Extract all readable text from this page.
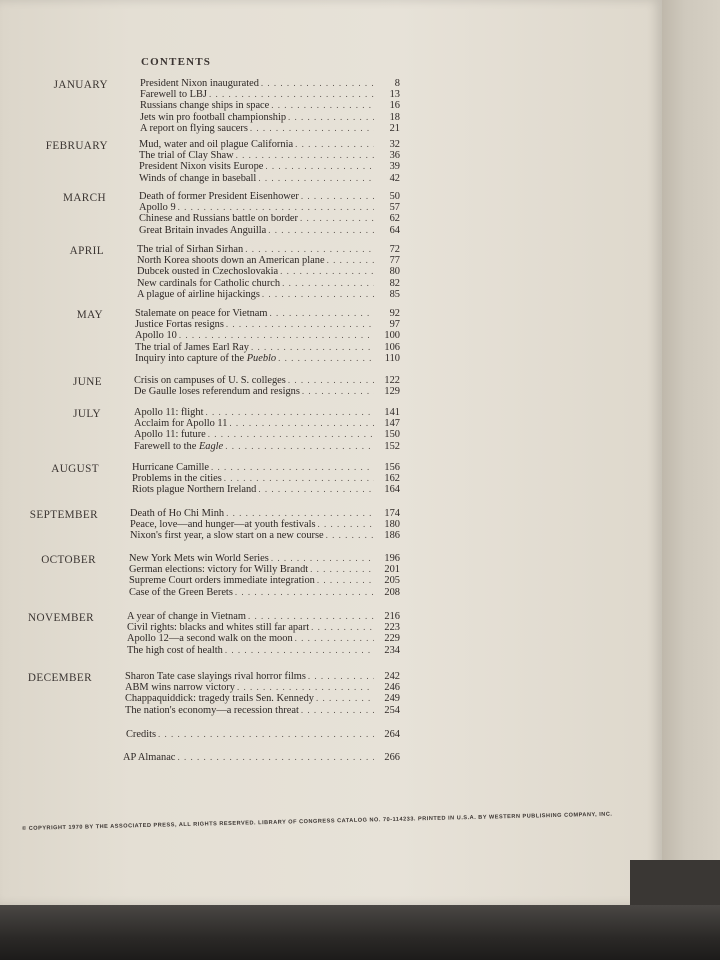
CONTENTS
JANUARY	President Nixon inaugurated . . .	8
Farewell to LBJ . . .	13
Russians change ships in space . . .	16
Jets win pro football championship . . .	18
A report on flying saucers . . .	21
FEBRUARY	Mud, water and oil plague California . . .	32
The trial of Clay Shaw . . .	36
President Nixon visits Europe . . .	39
Winds of change in baseball . . .	42
MARCH	Death of former President Eisenhower . . .	50
Apollo 9 . . .	57
Chinese and Russians battle on border . . .	62
Great Britain invades Anguilla . . .	64
APRIL	The trial of Sirhan Sirhan . . .	72
North Korea shoots down an American plane . . .	77
Dubcek ousted in Czechoslovakia . . .	80
New cardinals for Catholic church . . .	82
A plague of airline hijackings . . .	85
MAY	Stalemate on peace for Vietnam . . .	92
Justice Fortas resigns . . .	97
Apollo 10 . . .	100
The trial of James Earl Ray . . .	106
Inquiry into capture of the Pueblo . . .	110
JUNE	Crisis on campuses of U. S. colleges . . .	122
De Gaulle loses referendum and resigns . . .	129
JULY	Apollo 11: flight . . .	141
Acclaim for Apollo 11 . . .	147
Apollo 11: future . . .	150
Farewell to the Eagle . . .	152
AUGUST	Hurricane Camille . . .	156
Problems in the cities . . .	162
Riots plague Northern Ireland . . .	164
SEPTEMBER	Death of Ho Chi Minh . . .	174
Peace, love—and hunger—at youth festivals . . .	180
Nixon's first year, a slow start on a new course . . .	186
OCTOBER	New York Mets win World Series . . .	196
German elections: victory for Willy Brandt . . .	201
Supreme Court orders immediate integration . . .	205
Case of the Green Berets . . .	208
NOVEMBER	A year of change in Vietnam . . .	216
Civil rights: blacks and whites still far apart . . .	223
Apollo 12—a second walk on the moon . . .	229
The high cost of health . . .	234
DECEMBER	Sharon Tate case slayings rival horror films . . .	242
ABM wins narrow victory . . .	246
Chappaquiddick: tragedy trails Sen. Kennedy . . .	249
The nation's economy—a recession threat . . .	254
Credits . . .	264
AP Almanac . . .	266
© COPYRIGHT 1970 BY THE ASSOCIATED PRESS, ALL RIGHTS RESERVED. LIBRARY OF CONGRESS CATALOG NO. 70-114233. PRINTED IN U.S.A. BY WESTERN PUBLISHING COMPANY, INC.
